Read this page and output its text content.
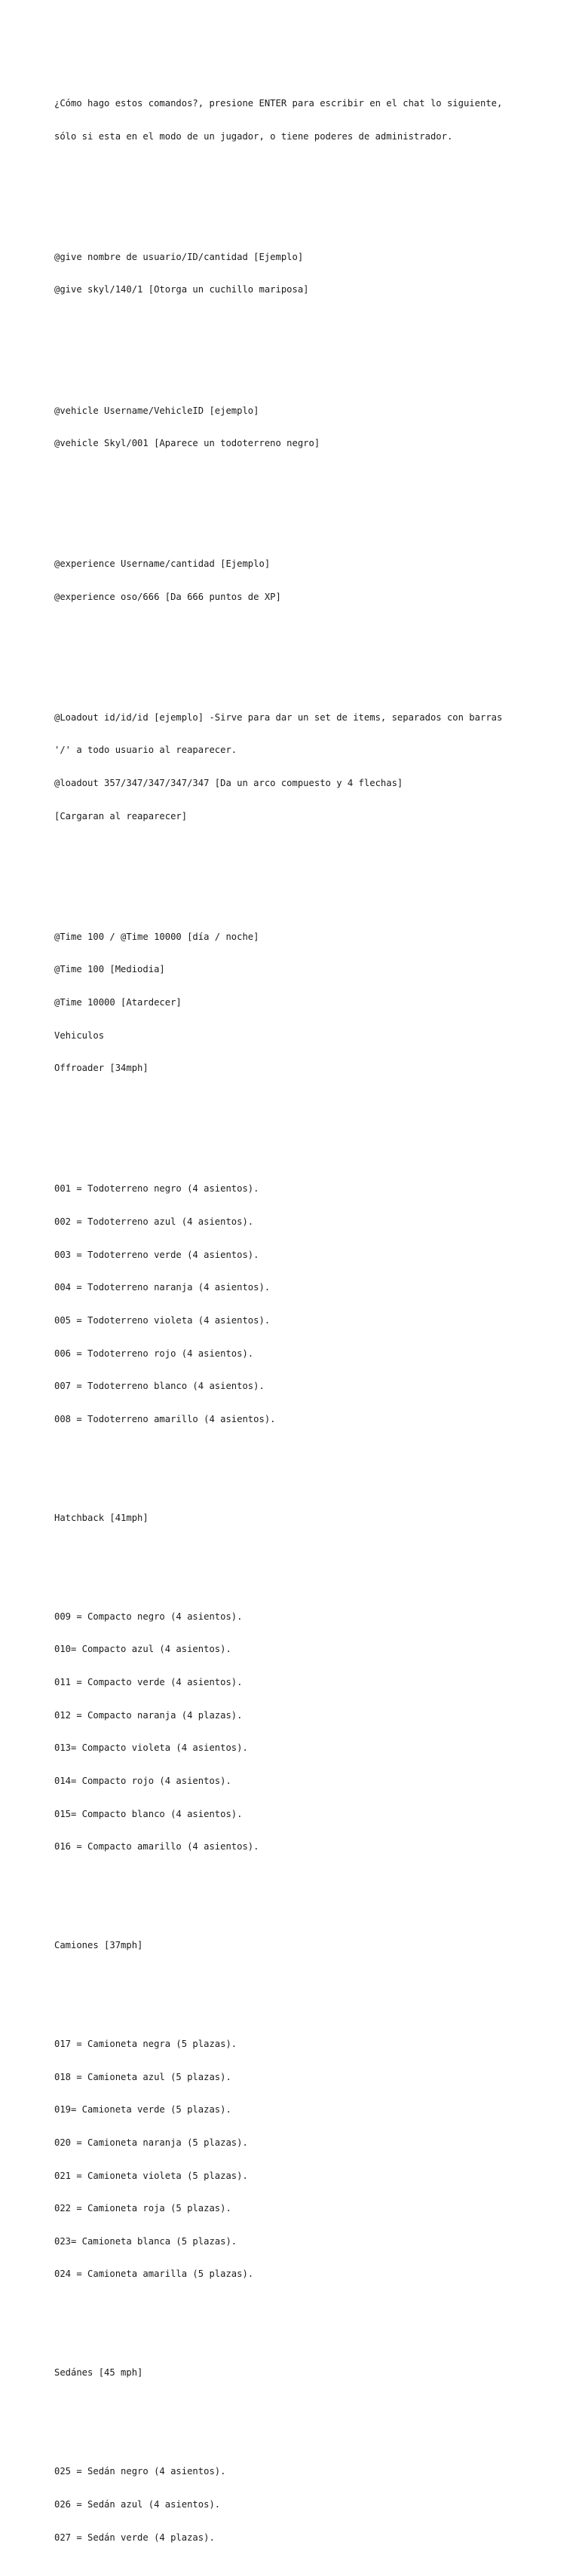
¿Cómo hago estos comandos?, presione ENTER para escribir en el chat lo siguiente,

sólo si esta en el modo de un jugador, o tiene poderes de administrador.

@give nombre de usuario/ID/cantidad [Ejemplo]

@give skyl/140/1 [Otorga un cuchillo mariposa]

@vehicle Username/VehicleID [ejemplo]

@vehicle Skyl/001 [Aparece un todoterreno negro]

@experience Username/cantidad [Ejemplo]

@experience oso/666 [Da 666 puntos de XP]

@Loadout id/id/id [ejemplo] -Sirve para dar un set de items, separados con barras

'/' a todo usuario al reaparecer.

@loadout 357/347/347/347/347 [Da un arco compuesto y 4 flechas]

[Cargaran al reaparecer]

@Time 100 / @Time 10000 [día / noche]

@Time 100 [Mediodia]

@Time 10000 [Atardecer]

Vehiculos

Offroader [34mph]

001 = Todoterreno negro (4 asientos).

002 = Todoterreno azul (4 asientos).

003 = Todoterreno verde (4 asientos).

004 = Todoterreno naranja (4 asientos).

005 = Todoterreno violeta (4 asientos).

006 = Todoterreno rojo (4 asientos).

007 = Todoterreno blanco (4 asientos).

008 = Todoterreno amarillo (4 asientos).

Hatchback [41mph]

009 = Compacto negro (4 asientos).

010= Compacto azul (4 asientos).

011 = Compacto verde (4 asientos).

012 = Compacto naranja (4 plazas).

013= Compacto violeta (4 asientos).

014= Compacto rojo (4 asientos).

015= Compacto blanco (4 asientos).

016 = Compacto amarillo (4 asientos).

Camiones [37mph]

017 = Camioneta negra (5 plazas).

018 = Camioneta azul (5 plazas).

019= Camioneta verde (5 plazas).

020 = Camioneta naranja (5 plazas).

021 = Camioneta violeta (5 plazas).

022 = Camioneta roja (5 plazas).

023= Camioneta blanca (5 plazas).

024 = Camioneta amarilla (5 plazas).

Sedánes [45 mph]

025 = Sedán negro (4 asientos).

026 = Sedán azul (4 asientos).

027 = Sedán verde (4 plazas).
